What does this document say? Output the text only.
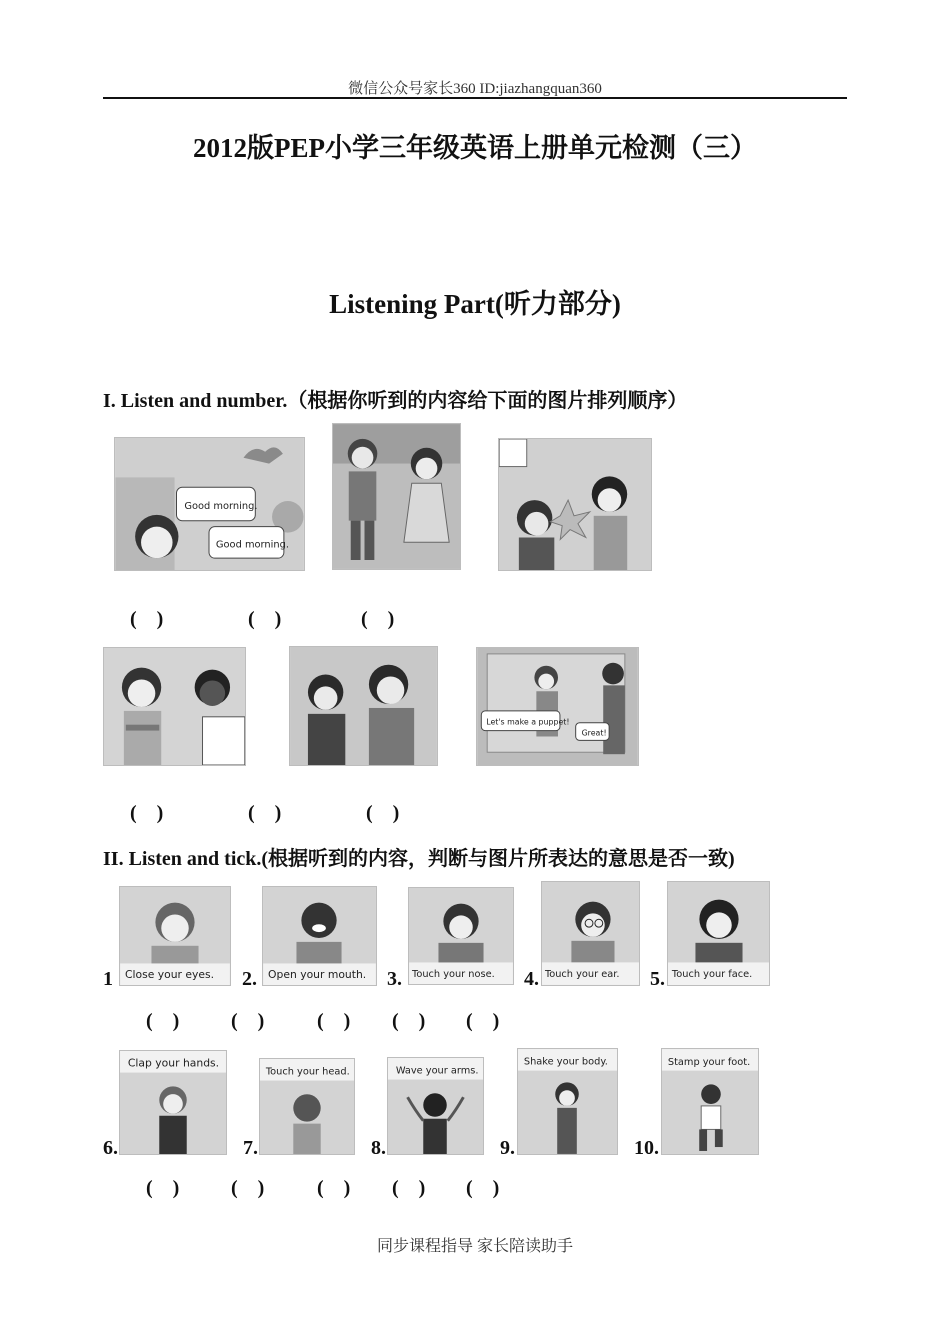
微信公众号家长360 ID:jiazhangquan360
2012版PEP小学三年级英语上册单元检测（三）
Listening Part(听力部分)
I. Listen and number.（根据你听到的内容给下面的图片排列顺序）
Good morning.
Good morning.
(    )	(    )	(    )
Let's make a puppet!
Great!
(    )	(    )	(    )
II. Listen and tick.(根据听到的内容，判断与图片所表达的意思是否一致)
1	2.	3.	4.	5.
Close your eyes.	Open your mouth.	Touch your nose.	Touch your ear.	Touch your face.
(    )	(    )	(    ) (    ) (    )
6.	7.	8.	9.	10.
Clap your hands.
Touch your head.	Wave your arms.
Shake your body.	Stamp your foot.
(    )	(    )	(    ) (    ) (    )
同步课程指导 家长陪读助手
